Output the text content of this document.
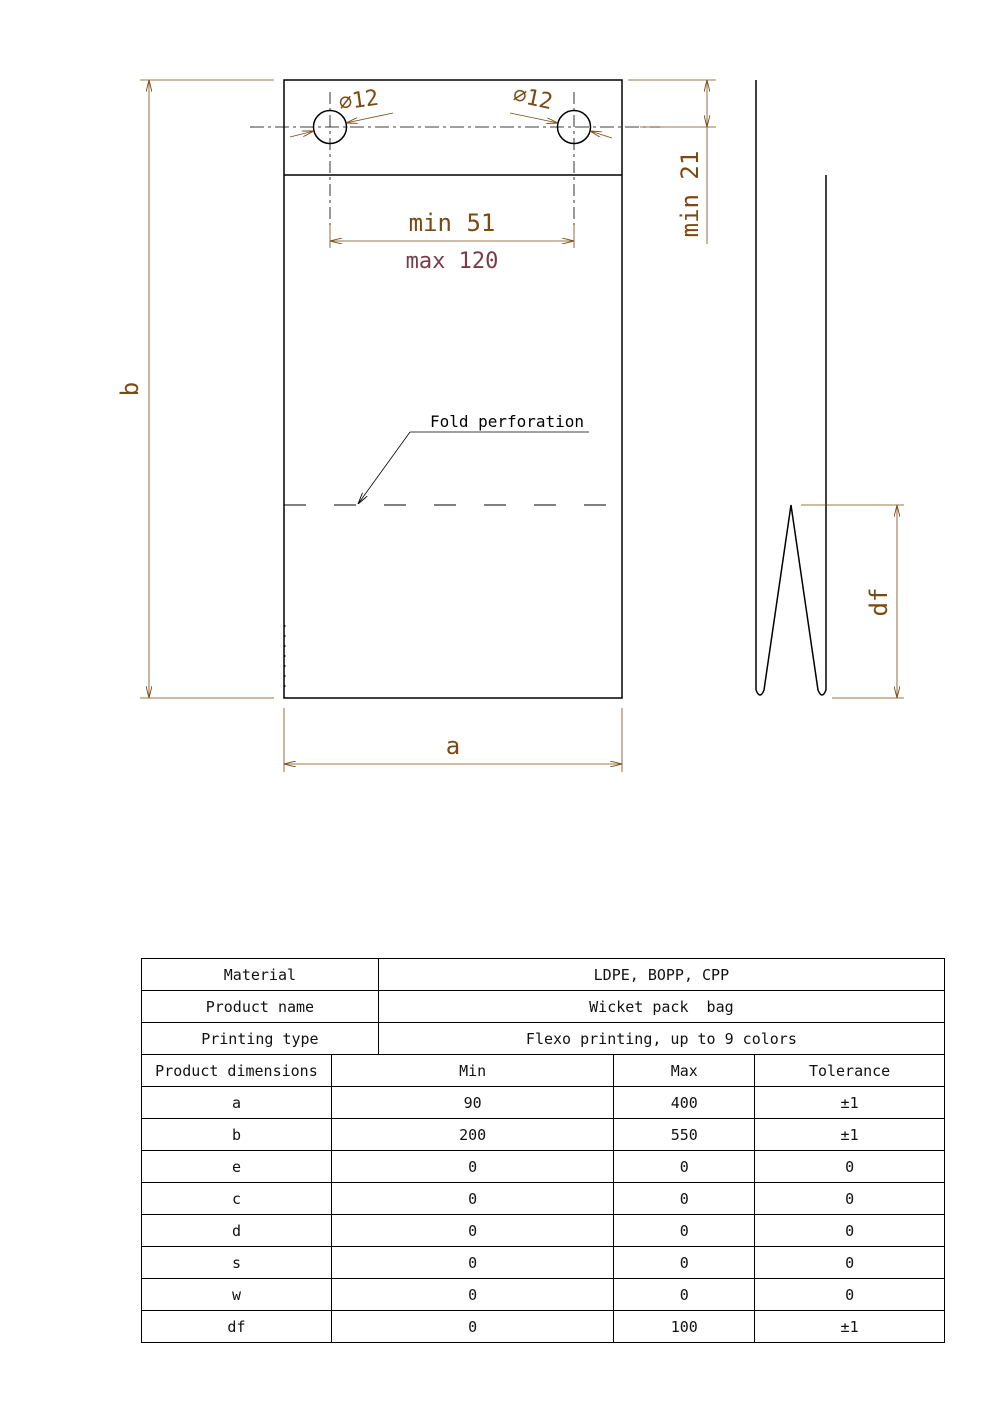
∅12	∅12
min 51
max 120
min 21
b
a
Fold perforation
df
Material		LDPE, BOPP, CPP		
Product name		Wicket pack  bag		
Printing type		Flexo printing, up to 9 colors		
Product dimensions	Min		Max	Tolerance
a	90		400	±1
b	200		550	±1
e	0		0	0
c	0		0	0
d	0		0	0
s	0		0	0
w	0		0	0
df	0		100	±1
